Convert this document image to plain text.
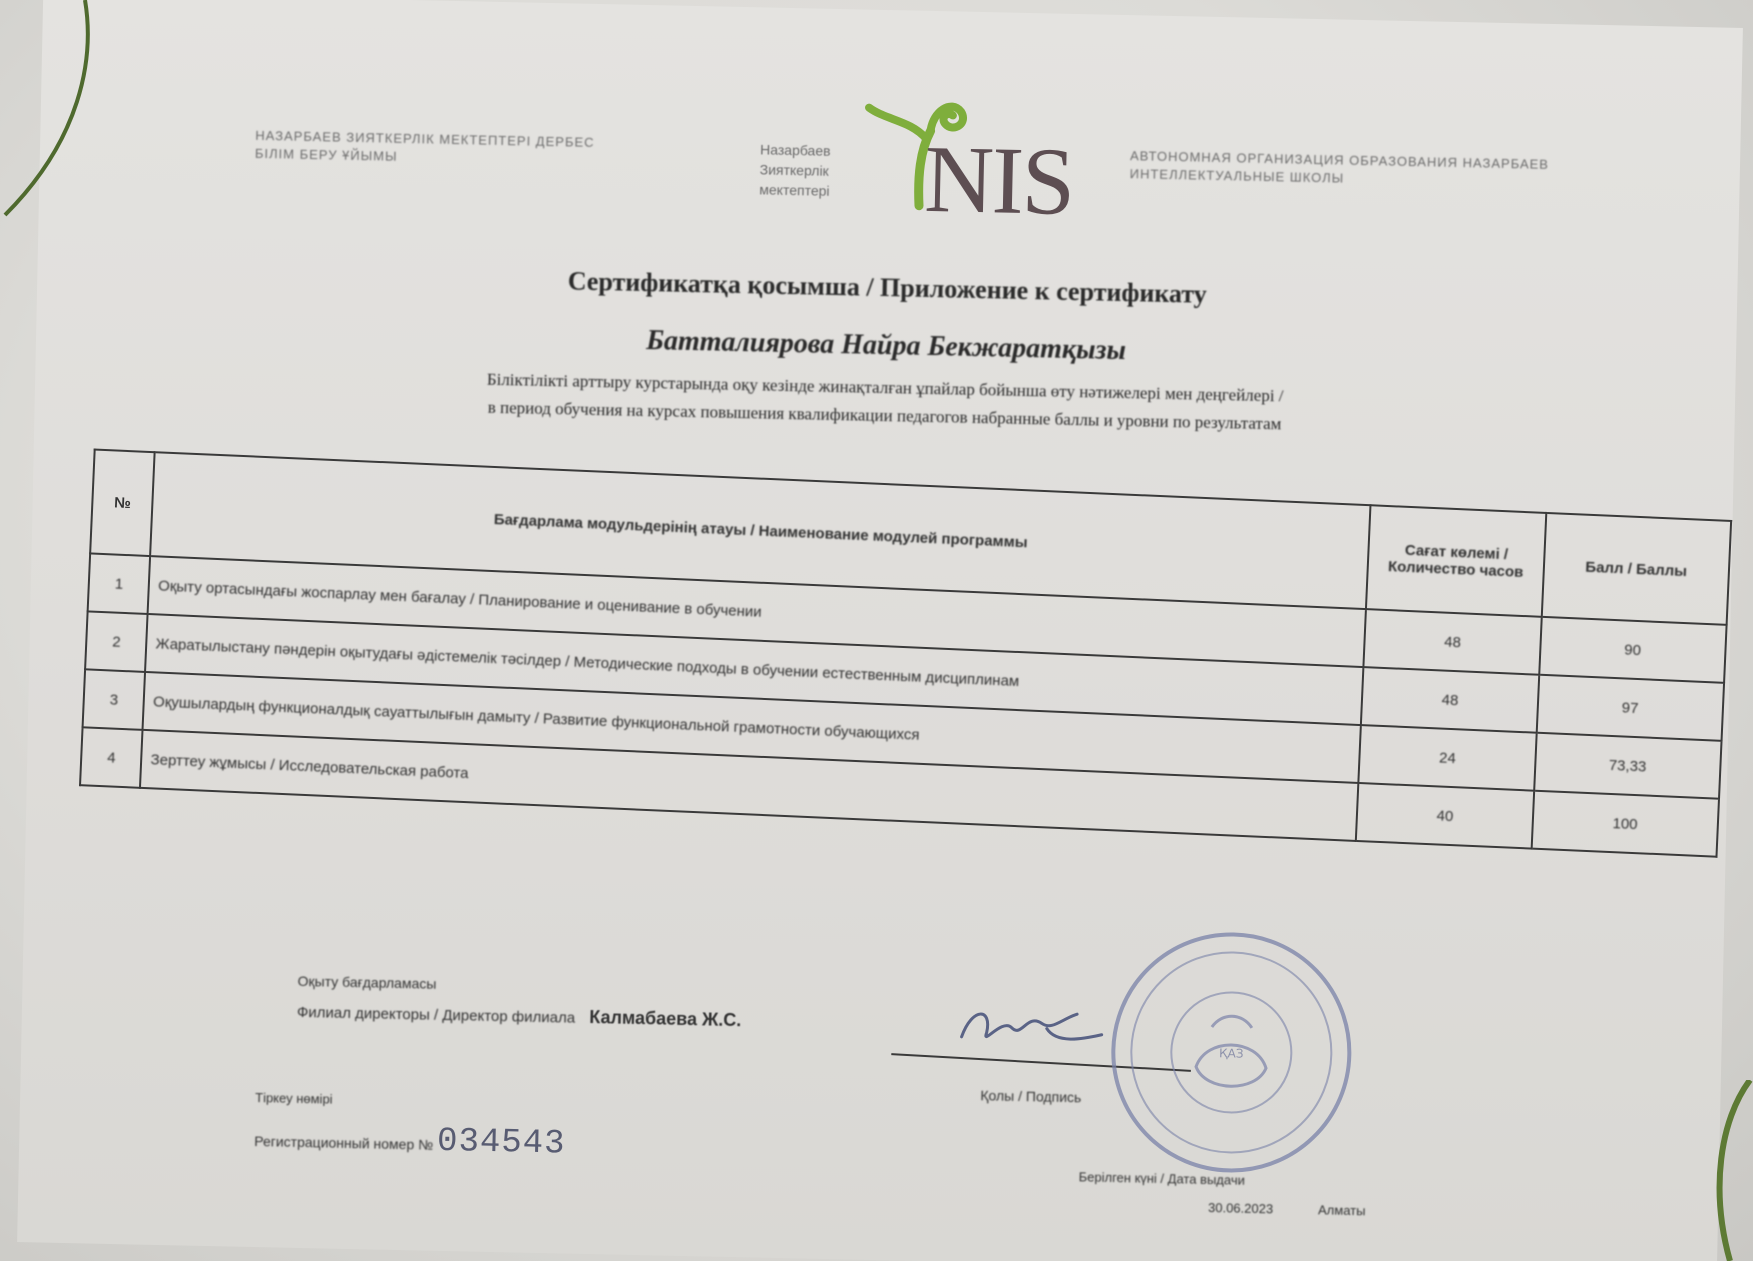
НАЗАРБАЕВ ЗИЯТКЕРЛІК МЕКТЕПТЕРІ ДЕРБЕС БІЛІМ БЕРУ ҰЙЫМЫ	Назарбаев
Зияткерлік
мектептері NIS	АВТОНОМНАЯ ОРГАНИЗАЦИЯ ОБРАЗОВАНИЯ НАЗАРБАЕВ ИНТЕЛЛЕКТУАЛЬНЫЕ ШКОЛЫ
Сертификатқа қосымша / Приложение к сертификату
Батталиярова Найра Бекжаратқызы
Біліктілікті арттыру курстарында оқу кезінде жинақталған ұпайлар бойынша өту нәтижелері мен деңгейлері /
в период обучения на курсах повышения квалификации педагогов набранные баллы и уровни по результатам
№	Бағдарлама модульдерінің атауы / Наименование модулей программы	Сағат көлемі / Количество часов	Балл / Баллы

1	Оқыту ортасындағы жоспарлау мен бағалау / Планирование и оценивание в обучении	48	90

2	Жаратылыстану пәндерін оқытудағы әдістемелік тәсілдер / Методические подходы в обучении естественным дисциплинам	48	97

3	Оқушылардың функционалдық сауаттылығын дамыту / Развитие функциональной грамотности обучающихся	24	73,33

4	Зерттеу жұмысы / Исследовательская работа	40	100
Оқыту бағдарламасы
Филиал директоры / Директор филиала Калмабаева Ж.С.
Қолы / Подпись
ҚАЗ
Тіркеу нөмірі
Регистрационный номер № 034543
Берілген күні / Дата выдачи
30.06.2023	Алматы
